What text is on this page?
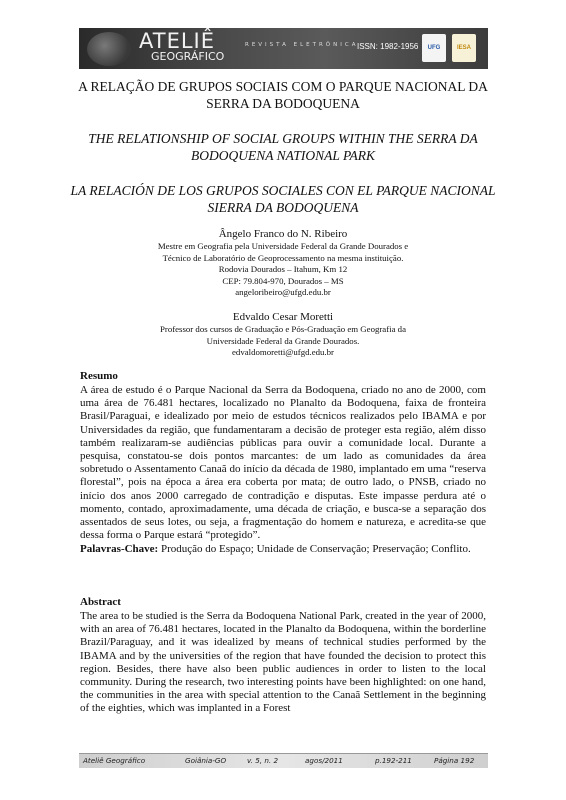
ATELIÊ
GEOGRÁFICO
REVISTA ELETRÔNICA
ISSN: 1982-1956	UFG	IESA
A RELAÇÃO DE GRUPOS SOCIAIS COM O PARQUE NACIONAL DA SERRA DA BODOQUENA
THE RELATIONSHIP OF SOCIAL GROUPS WITHIN THE SERRA DA BODOQUENA NATIONAL PARK
LA RELACIÓN DE LOS GRUPOS SOCIALES CON EL PARQUE NACIONAL SIERRA DA BODOQUENA
Ângelo Franco do N. Ribeiro
Mestre em Geografia pela Universidade Federal da Grande Dourados e
Técnico de Laboratório de Geoprocessamento na mesma instituição.
Rodovia Dourados – Itahum, Km 12
CEP: 79.804-970, Dourados – MS
angeloribeiro@ufgd.edu.br
Edvaldo Cesar Moretti
Professor dos cursos de Graduação e Pós-Graduação em Geografia da
Universidade Federal da Grande Dourados.
edvaldomoretti@ufgd.edu.br
Resumo
A área de estudo é o Parque Nacional da Serra da Bodoquena, criado no ano de 2000, com uma área de 76.481 hectares, localizado no Planalto da Bodoquena, faixa de fronteira Brasil/Paraguai, e idealizado por meio de estudos técnicos realizados pelo IBAMA e por Universidades da região, que fundamentaram a decisão de proteger esta região, além disso também realizaram-se audiências públicas para ouvir a comunidade local. Durante a pesquisa, constatou-se dois pontos marcantes: de um lado as comunidades da área sobretudo o Assentamento Canaã do início da década de 1980, implantado em uma “reserva florestal”, pois na época a área era coberta por mata; de outro lado, o PNSB, criado no início dos anos 2000 carregado de contradição e disputas. Este impasse perdura até o momento, contado, aproximadamente, uma década de criação, e busca-se a separação dos assentados de seus lotes, ou seja, a fragmentação do homem e natureza, e acredita-se que dessa forma o Parque estará “protegido”.
Palavras-Chave: Produção do Espaço; Unidade de Conservação; Preservação; Conflito.
Abstract
The area to be studied is the Serra da Bodoquena National Park, created in the year of 2000, with an area of 76.481 hectares, located in the Planalto da Bodoquena, within the borderline Brazil/Paraguay, and it was idealized by means of technical studies performed by the IBAMA and by the universities of the region that have founded the decision to protect this region. Besides, there have also been public audiences in order to listen to the local community. During the research, two interesting points have been highlighted: on one hand, the communities in the area with special attention to the Canaã Settlement in the beginning of the eighties, which was implanted in a Forest
Ateliê Geográfico	Goiânia-GO	v. 5, n. 2	agos/2011	p.192-211	Página 192
